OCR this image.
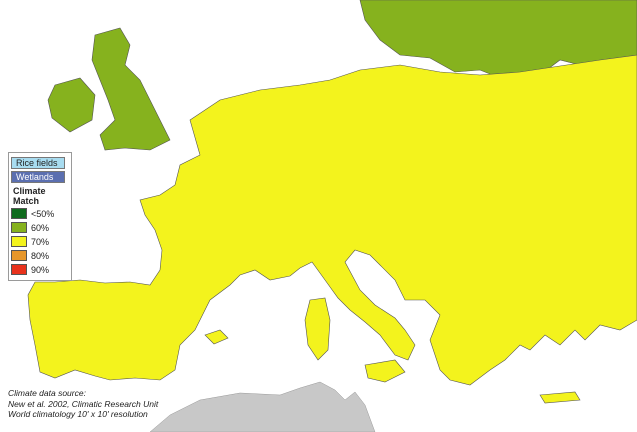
Rice fields
Wetlands
Climate Match
<50%
60%
70%
80%
90%
Climate data source:
New et al. 2002, Climatic Research Unit
World climatology 10' x 10' resolution
